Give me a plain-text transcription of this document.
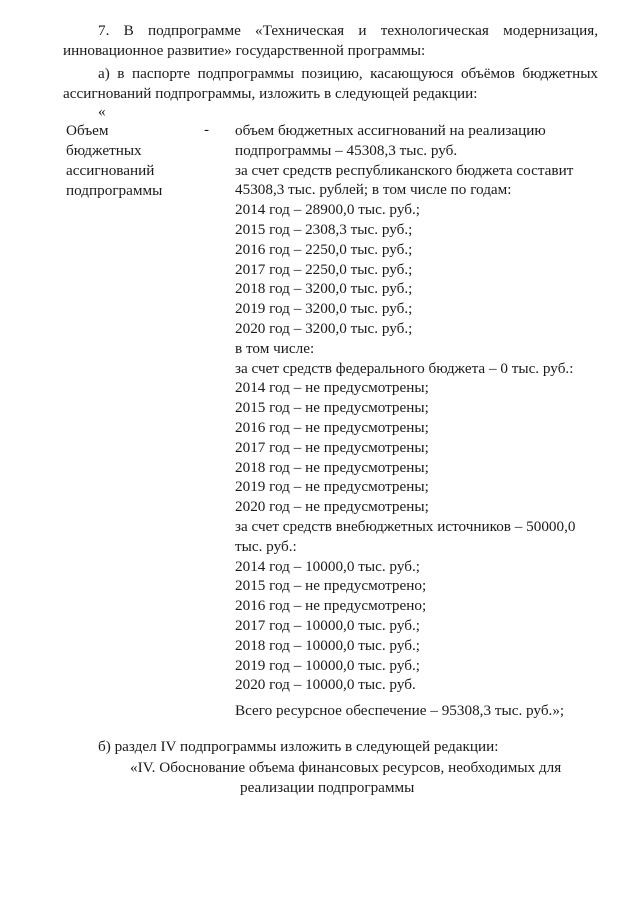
7. В подпрограмме «Техническая и технологическая модернизация,
инновационное развитие» государственной программы:
а) в паспорте подпрограммы позицию, касающуюся объёмов бюджетных
ассигнований подпрограммы, изложить в следующей редакции:
«
Объем
бюджетных
ассигнований
подпрограммы
- объем бюджетных ассигнований на реализацию
подпрограммы – 45308,3 тыс. руб.
за счет средств республиканского бюджета составит
45308,3 тыс. рублей; в том числе по годам:
2014 год – 28900,0 тыс. руб.;
2015 год – 2308,3 тыс. руб.;
2016 год – 2250,0 тыс. руб.;
2017 год – 2250,0 тыс. руб.;
2018 год – 3200,0 тыс. руб.;
2019 год – 3200,0 тыс. руб.;
2020 год – 3200,0 тыс. руб.;
в том числе:
за счет средств федерального бюджета – 0 тыс. руб.:
2014 год – не предусмотрены;
2015 год – не предусмотрены;
2016 год – не предусмотрены;
2017 год – не предусмотрены;
2018 год – не предусмотрены;
2019 год – не предусмотрены;
2020 год – не предусмотрены;
за счет средств внебюджетных источников – 50000,0
тыс. руб.:
2014 год – 10000,0 тыс. руб.;
2015 год – не предусмотрено;
2016 год – не предусмотрено;
2017 год – 10000,0 тыс. руб.;
2018 год – 10000,0 тыс. руб.;
2019 год – 10000,0 тыс. руб.;
2020 год – 10000,0 тыс. руб.
Всего ресурсное обеспечение – 95308,3 тыс. руб.»;
б) раздел IV подпрограммы изложить в следующей редакции:
«IV. Обоснование объема финансовых ресурсов, необходимых для
реализации подпрограммы
